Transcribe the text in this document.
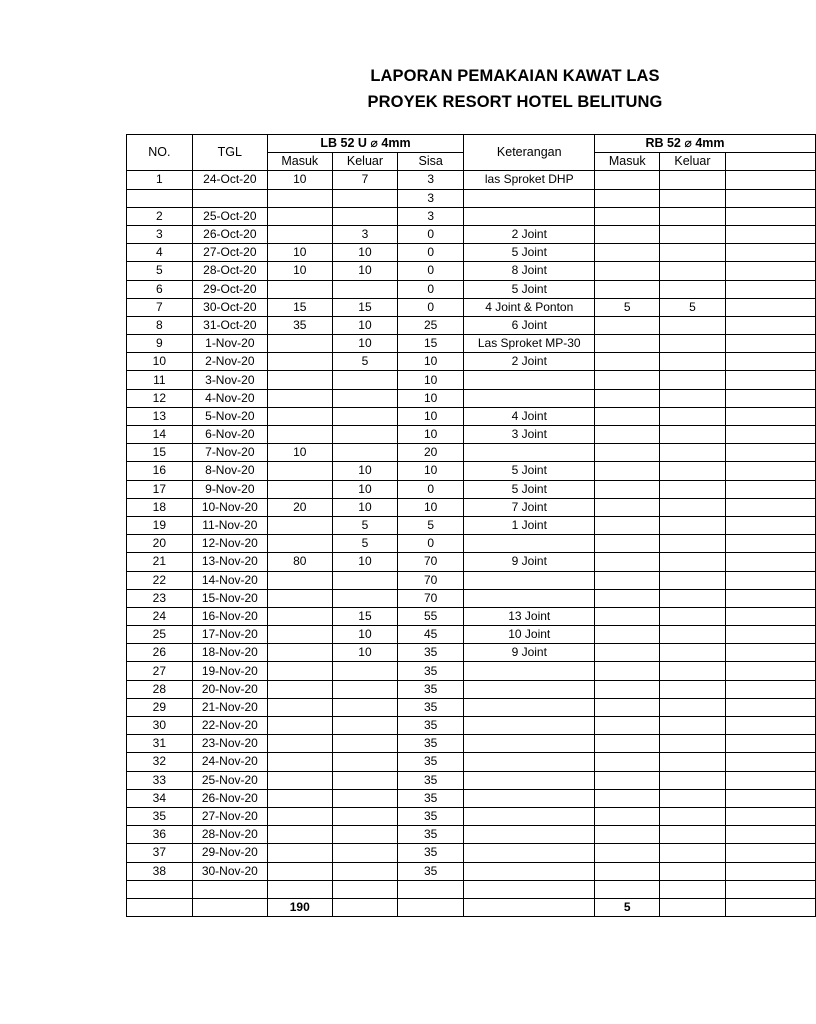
LAPORAN PEMAKAIAN KAWAT LAS
PROYEK RESORT HOTEL BELITUNG
NO.	TGL	LB 52 U ⌀ 4mm			Keterangan	RB 52 ⌀ 4mm		
		Masuk	Keluar	Sisa		Masuk	Keluar	
1	24-Oct-20	10	7	3	las Sproket DHP			
				3				
2	25-Oct-20			3				
3	26-Oct-20		3	0	2 Joint			
4	27-Oct-20	10	10	0	5 Joint			
5	28-Oct-20	10	10	0	8 Joint			
6	29-Oct-20			0	5 Joint			
7	30-Oct-20	15	15	0	4 Joint & Ponton	5	5	
8	31-Oct-20	35	10	25	6 Joint			
9	1-Nov-20		10	15	Las Sproket MP-30			
10	2-Nov-20		5	10	2 Joint			
11	3-Nov-20			10				
12	4-Nov-20			10				
13	5-Nov-20			10	4 Joint			
14	6-Nov-20			10	3 Joint			
15	7-Nov-20	10		20				
16	8-Nov-20		10	10	5 Joint			
17	9-Nov-20		10	0	5 Joint			
18	10-Nov-20	20	10	10	7 Joint			
19	11-Nov-20		5	5	1 Joint			
20	12-Nov-20		5	0				
21	13-Nov-20	80	10	70	9 Joint			
22	14-Nov-20			70				
23	15-Nov-20			70				
24	16-Nov-20		15	55	13 Joint			
25	17-Nov-20		10	45	10 Joint			
26	18-Nov-20		10	35	9 Joint			
27	19-Nov-20			35				
28	20-Nov-20			35				
29	21-Nov-20			35				
30	22-Nov-20			35				
31	23-Nov-20			35				
32	24-Nov-20			35				
33	25-Nov-20			35				
34	26-Nov-20			35				
35	27-Nov-20			35				
36	28-Nov-20			35				
37	29-Nov-20			35				
38	30-Nov-20			35				

		190				5		
